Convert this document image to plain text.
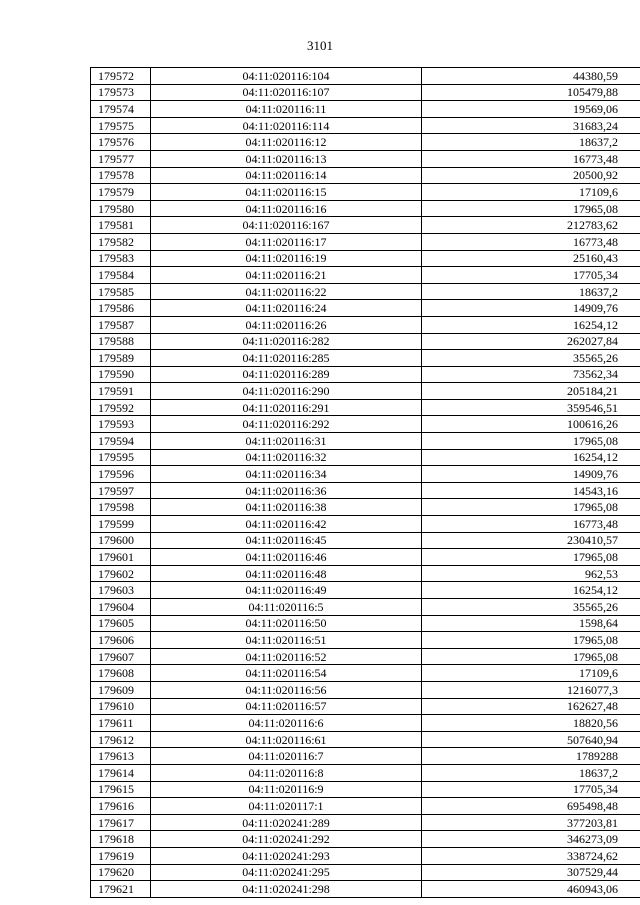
3101
179572	04:11:020116:104	44380,59
179573	04:11:020116:107	105479,88
179574	04:11:020116:11	19569,06
179575	04:11:020116:114	31683,24
179576	04:11:020116:12	18637,2
179577	04:11:020116:13	16773,48
179578	04:11:020116:14	20500,92
179579	04:11:020116:15	17109,6
179580	04:11:020116:16	17965,08
179581	04:11:020116:167	212783,62
179582	04:11:020116:17	16773,48
179583	04:11:020116:19	25160,43
179584	04:11:020116:21	17705,34
179585	04:11:020116:22	18637,2
179586	04:11:020116:24	14909,76
179587	04:11:020116:26	16254,12
179588	04:11:020116:282	262027,84
179589	04:11:020116:285	35565,26
179590	04:11:020116:289	73562,34
179591	04:11:020116:290	205184,21
179592	04:11:020116:291	359546,51
179593	04:11:020116:292	100616,26
179594	04:11:020116:31	17965,08
179595	04:11:020116:32	16254,12
179596	04:11:020116:34	14909,76
179597	04:11:020116:36	14543,16
179598	04:11:020116:38	17965,08
179599	04:11:020116:42	16773,48
179600	04:11:020116:45	230410,57
179601	04:11:020116:46	17965,08
179602	04:11:020116:48	962,53
179603	04:11:020116:49	16254,12
179604	04:11:020116:5	35565,26
179605	04:11:020116:50	1598,64
179606	04:11:020116:51	17965,08
179607	04:11:020116:52	17965,08
179608	04:11:020116:54	17109,6
179609	04:11:020116:56	1216077,3
179610	04:11:020116:57	162627,48
179611	04:11:020116:6	18820,56
179612	04:11:020116:61	507640,94
179613	04:11:020116:7	1789288
179614	04:11:020116:8	18637,2
179615	04:11:020116:9	17705,34
179616	04:11:020117:1	695498,48
179617	04:11:020241:289	377203,81
179618	04:11:020241:292	346273,09
179619	04:11:020241:293	338724,62
179620	04:11:020241:295	307529,44
179621	04:11:020241:298	460943,06
